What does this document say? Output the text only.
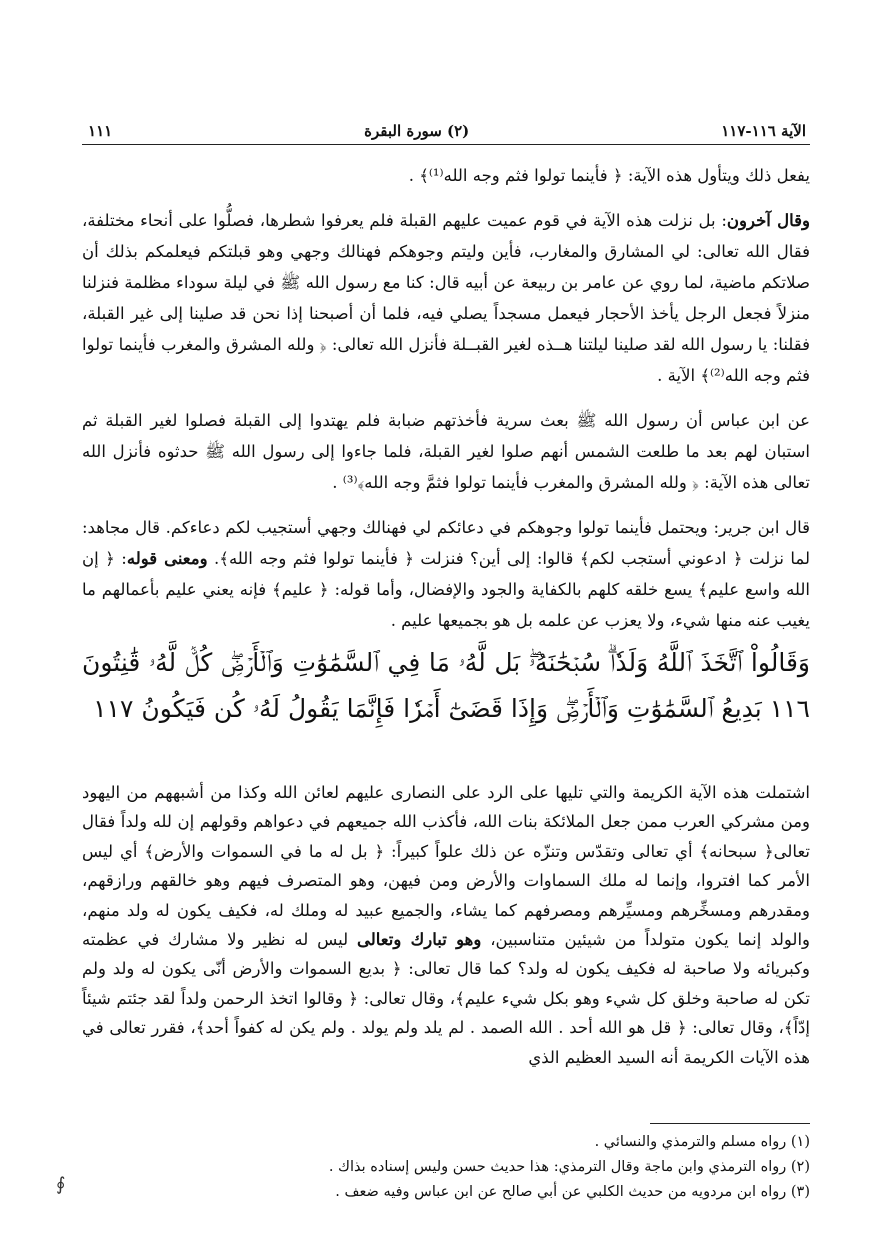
الآية ١١٦-١١٧
(٢) سورة البقرة
١١١

يفعل ذلك ويتأول هذه الآية: ﴿ فأينما تولوا فثم وجه الله⁽¹⁾﴾ .

وقال آخرون: بل نزلت هذه الآية في قوم عميت عليهم القبلة فلم يعرفوا شطرها، فصلُّوا على أنحاء مختلفة، فقال الله تعالى: لي المشارق والمغارب، فأين وليتم وجوهكم فهنالك وجهي وهو قبلتكم فيعلمكم بذلك أن صلاتكم ماضية، لما روي عن عامر بن ربيعة عن أبيه قال: كنا مع رسول الله ﷺ في ليلة سوداء مظلمة فنزلنا منزلاً فجعل الرجل يأخذ الأحجار فيعمل مسجداً يصلي فيه، فلما أن أصبحنا إذا نحن قد صلينا إلى غير القبلة، فقلنا: يا رسول الله لقد صلينا ليلتنا هــذه لغير القبــلة فأنزل الله تعالى: ﴿ ولله المشرق والمغرب فأينما تولوا فثم وجه الله⁽²⁾﴾ الآية .

عن ابن عباس أن رسول الله ﷺ بعث سرية فأخذتهم ضبابة فلم يهتدوا إلى القبلة فصلوا لغير القبلة ثم استبان لهم بعد ما طلعت الشمس أنهم صلوا لغير القبلة، فلما جاءوا إلى رسول الله ﷺ حدثوه فأنزل الله تعالى هذه الآية: ﴿ ولله المشرق والمغرب فأينما تولوا فثمَّ وجه الله﴾⁽³⁾ .

قال ابن جرير: ويحتمل فأينما تولوا وجوهكم في دعائكم لي فهنالك وجهي أستجيب لكم دعاءكم. قال مجاهد: لما نزلت ﴿ ادعوني أستجب لكم﴾ قالوا: إلى أين؟ فنزلت ﴿ فأينما تولوا فثم وجه الله﴾. ومعنى قوله: ﴿ إن الله واسع عليم﴾ يسع خلقه كلهم بالكفاية والجود والإفضال، وأما قوله: ﴿ عليم﴾ فإنه يعني عليم بأعمالهم ما يغيب عنه منها شيء، ولا يعزب عن علمه بل هو بجميعها عليم .

وَقَالُواْ ٱتَّخَذَ ٱللَّهُ وَلَدٗاۗ سُبۡحَٰنَهُۥۖ بَل لَّهُۥ مَا فِي ٱلسَّمَٰوَٰتِ وَٱلۡأَرۡضِۖ كُلّٞ لَّهُۥ قَٰنِتُونَ ١١٦ بَدِيعُ ٱلسَّمَٰوَٰتِ وَٱلۡأَرۡضِۖ وَإِذَا قَضَىٰٓ أَمۡرٗا فَإِنَّمَا يَقُولُ لَهُۥ كُن فَيَكُونُ ١١٧
اشتملت هذه الآية الكريمة والتي تليها على الرد على النصارى عليهم لعائن الله وكذا من أشبههم من اليهود ومن مشركي العرب ممن جعل الملائكة بنات الله، فأكذب الله جميعهم في دعواهم وقولهم إن لله ولداً فقال تعالى﴿ سبحانه﴾ أي تعالى وتقدّس وتنزّه عن ذلك علواً كبيراً: ﴿ بل له ما في السموات والأرض﴾ أي ليس الأمر كما افتروا، وإنما له ملك السماوات والأرض ومن فيهن، وهو المتصرف فيهم وهو خالقهم ورازقهم، ومقدرهم ومسخِّرهم ومسيِّرهم ومصرفهم كما يشاء، والجميع عبيد له وملك له، فكيف يكون له ولد منهم، والولد إنما يكون متولداً من شيئين متناسبين، وهو تبارك وتعالى ليس له نظير ولا مشارك في عظمته وكبريائه ولا صاحبة له فكيف يكون له ولد؟ كما قال تعالى: ﴿ بديع السموات والأرض أنّى يكون له ولد ولم تكن له صاحبة وخلق كل شيء وهو بكل شيء عليم﴾، وقال تعالى: ﴿ وقالوا اتخذ الرحمن ولداً لقد جئتم شيئاً إدّاً﴾، وقال تعالى: ﴿ قل هو الله أحد . الله الصمد . لم يلد ولم يولد . ولم يكن له كفواً أحد﴾، فقرر تعالى في هذه الآيات الكريمة أنه السيد العظيم الذي
(١) رواه مسلم والترمذي والنسائي .
(٢) رواه الترمذي وابن ماجة وقال الترمذي: هذا حديث حسن وليس إسناده بذاك .
(٣) رواه ابن مردويه من حديث الكلبي عن أبي صالح عن ابن عباس وفيه ضعف .
∮
